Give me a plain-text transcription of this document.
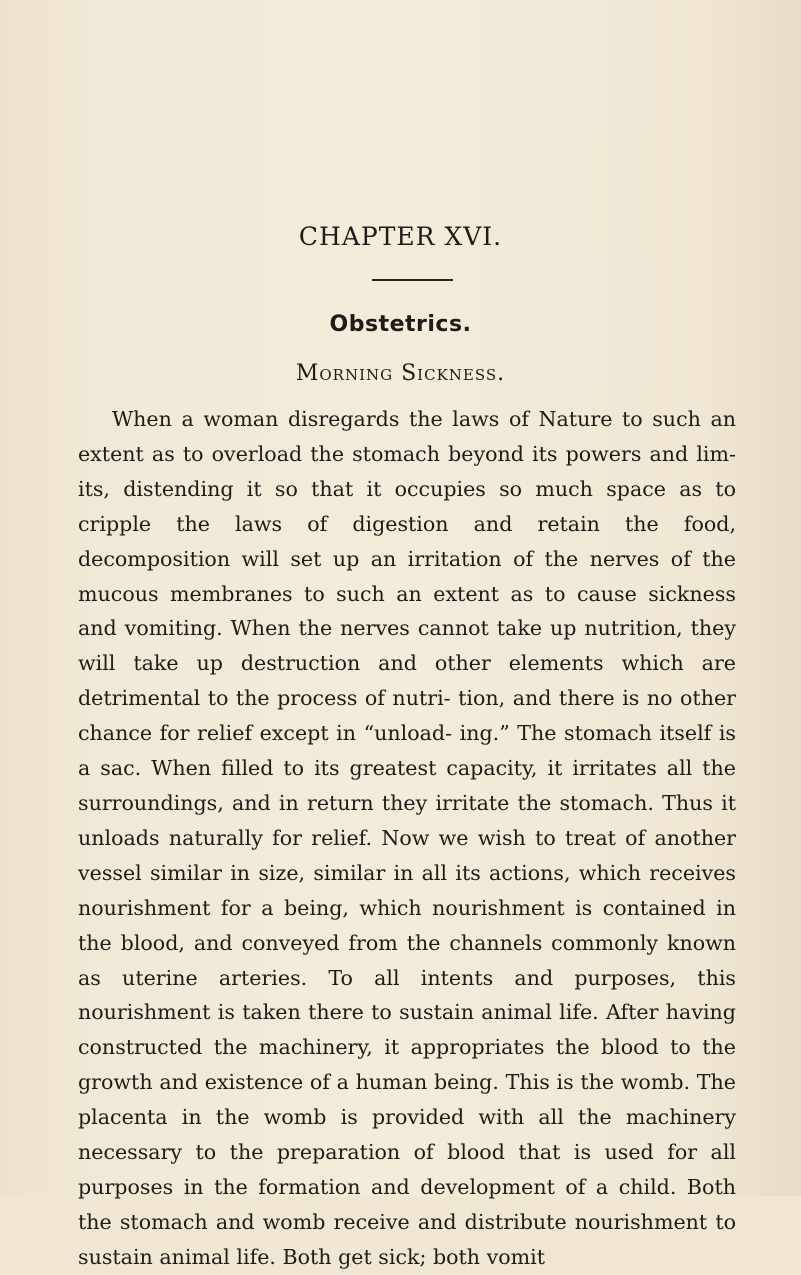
CHAPTER XVI.
Obstetrics.
Morning Sickness.

When a woman disregards the laws of Nature to such an extent as to overload the stomach beyond its powers and lim- its, distending it so that it occupies so much space as to cripple the laws of digestion and retain the food, decomposition will set up an irritation of the nerves of the mucous membranes to such an extent as to cause sickness and vomiting. When the nerves cannot take up nutrition, they will take up destruction and other elements which are detrimental to the process of nutri- tion, and there is no other chance for relief except in “unload- ing.” The stomach itself is a sac. When filled to its greatest capacity, it irritates all the surroundings, and in return they irritate the stomach. Thus it unloads naturally for relief. Now we wish to treat of another vessel similar in size, similar in all its actions, which receives nourishment for a being, which nourishment is contained in the blood, and conveyed from the channels commonly known as uterine arteries. To all intents and purposes, this nourishment is taken there to sustain animal life. After having constructed the machinery, it appropriates the blood to the growth and existence of a human being. This is the womb. The placenta in the womb is provided with all the machinery necessary to the preparation of blood that is used for all purposes in the formation and development of a child. Both the stomach and womb receive and distribute nourishment to sustain animal life. Both get sick; both vomit
